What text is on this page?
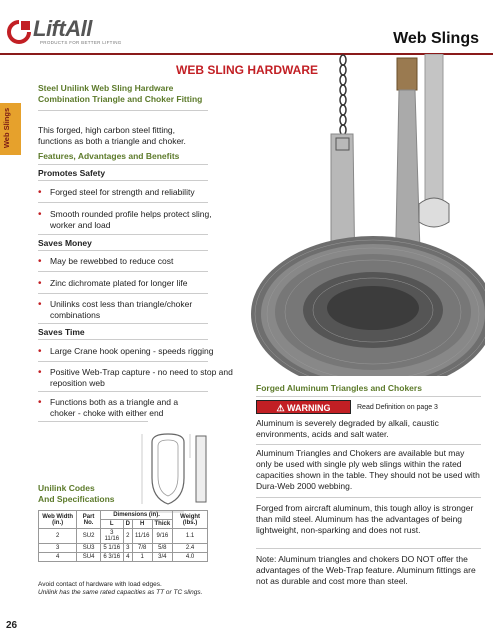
LiftAll
PRODUCTS FOR BETTER LIFTING	Web Slings
Web Slings
WEB SLING HARDWARE
Steel Unilink Web Sling Hardware
Combination Triangle and Choker Fitting
This forged, high carbon steel fitting, functions as both a triangle and choker.
Features, Advantages and Benefits
Promotes Safety
• Forged steel for strength and reliability
• Smooth rounded profile helps protect sling, worker and load
Saves Money
• May be rewebbed to reduce cost
• Zinc dichromate plated for longer life
• Unilinks cost less than triangle/choker combinations
Saves Time
• Large Crane hook opening - speeds rigging
• Positive Web-Trap capture - no need to stop and reposition web
• Functions both as a triangle and a choker - choke with either end
Unilink Codes
And Specifications
Web Width (in.)	Part No.	Dimensions (in).				Weight (lbs.)
		L	D	H	Thick	
2	SU2	3 11/16	2	11/16	9/16	1.1
3	SU3	5 1/16	3	7/8	5/8	2.4
4	SU4	6 3/16	4	1	3/4	4.0
Avoid contact of hardware with load edges.
Unilink has the same rated capacities as TT or TC slings.
Forged Aluminum Triangles and Chokers
⚠ WARNING	Read Definition on page 3
Aluminum is severely degraded by alkali, caustic environments, acids and salt water.
Aluminum Triangles and Chokers are available but may only be used with single ply web slings within the rated capacities shown in the table. They should not be used with Dura-Web 2000 webbing.
Forged from aircraft aluminum, this tough alloy is stronger than mild steel. Aluminum has the advantages of being lightweight, non-sparking and does not rust.
Note: Aluminum triangles and chokers DO NOT offer the advantages of the Web-Trap feature. Aluminum fittings are not as durable and cost more than steel.
26
